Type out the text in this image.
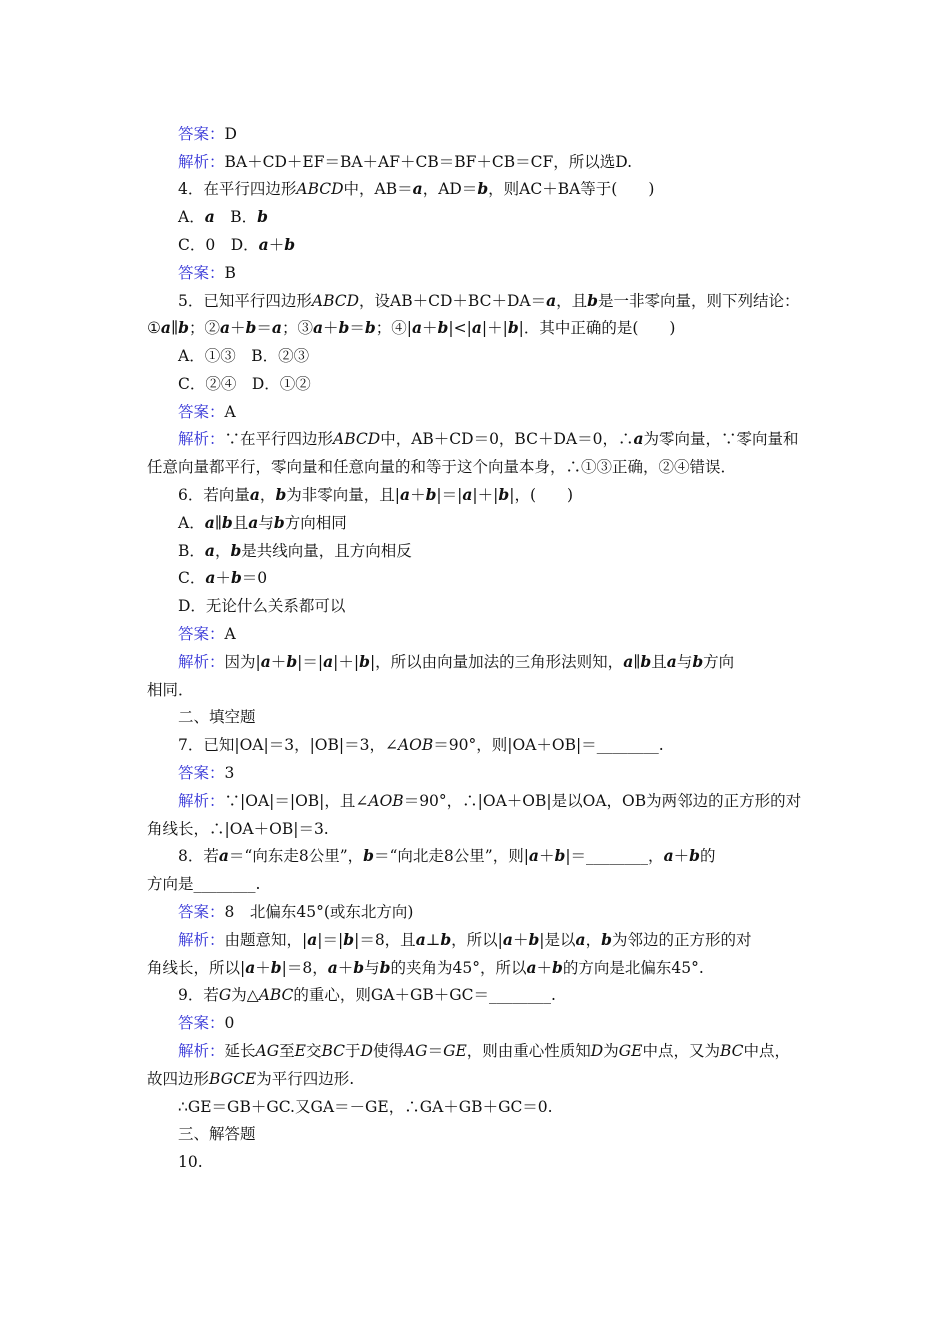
答案：D
解析：BA＋CD＋EF＝BA＋AF＋CB＝BF＋CB＝CF，所以选D.
4．在平行四边形ABCD中，AB＝a，AD＝b，则AC＋BA等于(　　)
A．a　B．b
C．0　D．a＋b
答案：B
5．已知平行四边形ABCD，设AB＋CD＋BC＋DA＝a，且b是一非零向量，则下列结论：
①a∥b；②a＋b＝a；③a＋b＝b；④|a＋b|<|a|＋|b|．其中正确的是(　　)
A．①③　B．②③
C．②④　D．①②
答案：A
解析：∵在平行四边形ABCD中，AB＋CD＝0，BC＋DA＝0，∴a为零向量，∵零向量和
任意向量都平行，零向量和任意向量的和等于这个向量本身，∴①③正确，②④错误．
6．若向量a，b为非零向量，且|a＋b|＝|a|＋|b|，(　　)
A．a∥b且a与b方向相同
B．a，b是共线向量，且方向相反
C．a＋b＝0
D．无论什么关系都可以
答案：A
解析：因为|a＋b|＝|a|＋|b|，所以由向量加法的三角形法则知，a∥b且a与b方向
相同．
二、填空题
7．已知|OA|＝3，|OB|＝3，∠AOB＝90°，则|OA＋OB|＝________.
答案：3
解析：∵|OA|＝|OB|，且∠AOB＝90°，∴|OA＋OB|是以OA，OB为两邻边的正方形的对
角线长，∴|OA＋OB|＝3.
8．若a＝“向东走8公里”，b＝“向北走8公里”，则|a＋b|＝________，a＋b的
方向是________.
答案：8　北偏东45°(或东北方向)
解析：由题意知，|a|＝|b|＝8，且a⊥b，所以|a＋b|是以a，b为邻边的正方形的对
角线长，所以|a＋b|＝8，a＋b与b的夹角为45°，所以a＋b的方向是北偏东45°.
9．若G为△ABC的重心，则GA＋GB＋GC＝________.
答案：0
解析：延长AG至E交BC于D使得AG＝GE，则由重心性质知D为GE中点，又为BC中点，
故四边形BGCE为平行四边形.
∴GE＝GB＋GC.又GA＝－GE，∴GA＋GB＋GC＝0.
三、解答题
10.
